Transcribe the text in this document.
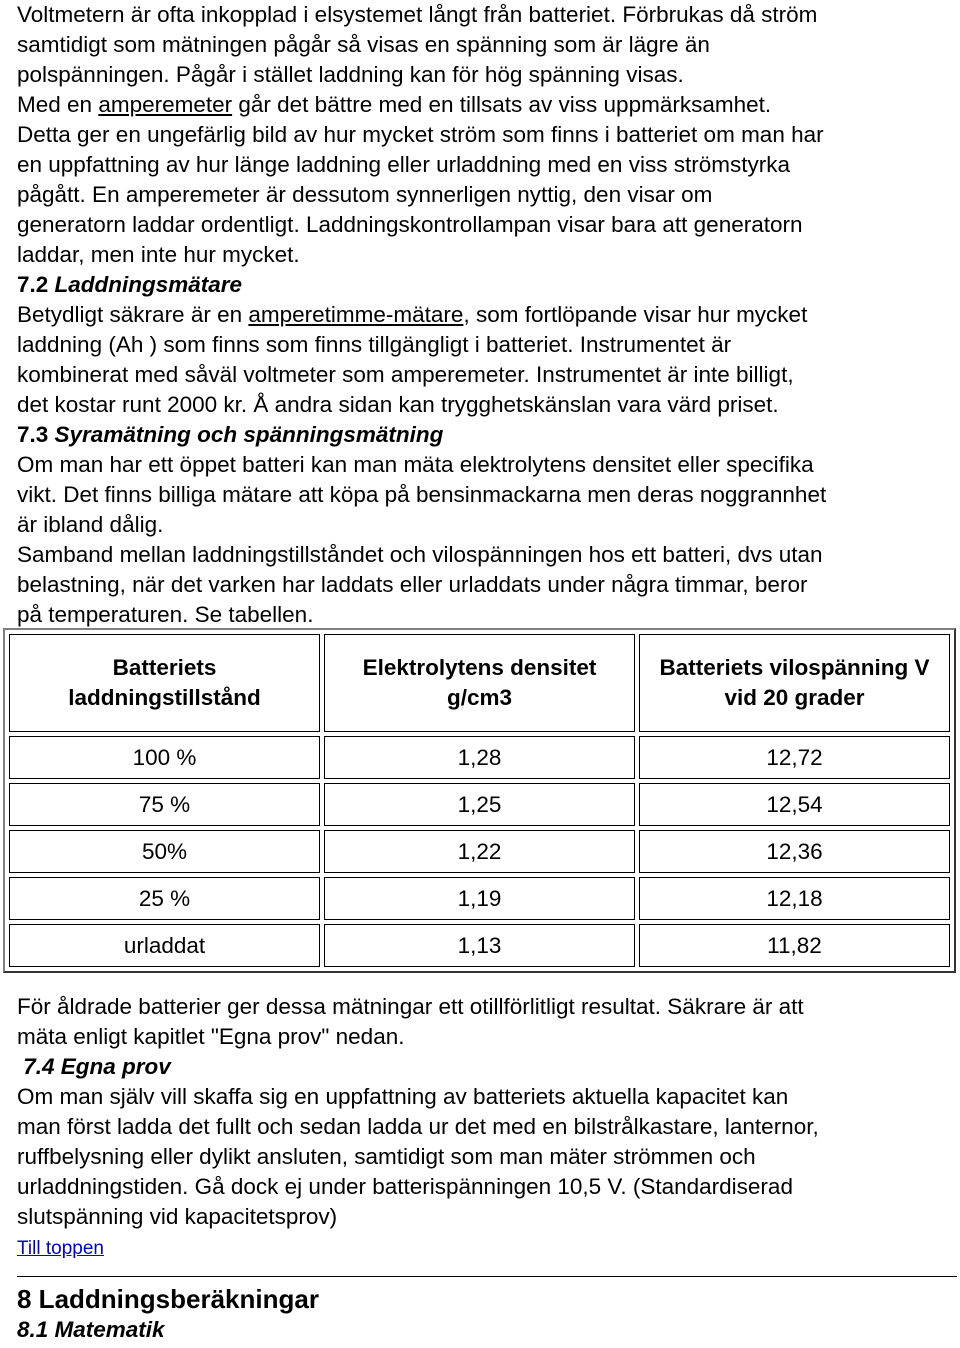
Voltmetern är ofta inkopplad i elsystemet långt från batteriet. Förbrukas då ström

samtidigt som mätningen pågår så visas en spänning som är lägre än

polspänningen. Pågår i stället laddning kan för hög spänning visas.

Med en amperemeter går det bättre med en tillsats av viss uppmärksamhet.

Detta ger en ungefärlig bild av hur mycket ström som finns i batteriet om man har

en uppfattning av hur länge laddning eller urladdning med en viss strömstyrka

pågått. En amperemeter är dessutom synnerligen nyttig, den visar om

generatorn laddar ordentligt. Laddningskontrollampan visar bara att generatorn

laddar, men inte hur mycket.

7.2 Laddningsmätare

Betydligt säkrare är en amperetimme-mätare, som fortlöpande visar hur mycket

laddning (Ah ) som finns som finns tillgängligt i batteriet. Instrumentet är

kombinerat med såväl voltmeter som amperemeter. Instrumentet är inte billigt,

det kostar runt 2000 kr. Å andra sidan kan trygghetskänslan vara värd priset.

7.3 Syramätning och spänningsmätning

Om man har ett öppet batteri kan man mäta elektrolytens densitet eller specifika

vikt. Det finns billiga mätare att köpa på bensinmackarna men deras noggrannhet

är ibland dålig.

Samband mellan laddningstillståndet och vilospänningen hos ett batteri, dvs utan

belastning, när det varken har laddats eller urladdats under några timmar, beror

på temperaturen. Se tabellen.

För åldrade batterier ger dessa mätningar ett otillförlitligt resultat. Säkrare är att

mäta enligt kapitlet "Egna prov" nedan.

7.4 Egna prov

Om man själv vill skaffa sig en uppfattning av batteriets aktuella kapacitet kan

man först ladda det fullt och sedan ladda ur det med en bilstrålkastare, lanternor,

ruffbelysning eller dylikt ansluten, samtidigt som man mäter strömmen och

urladdningstiden. Gå dock ej under batterispänningen 10,5 V. (Standardiserad

slutspänning vid kapacitetsprov)

Till toppen
8 Laddningsberäkningar

8.1 Matematik

Batteriets laddningstillstånd	Elektrolytens densitet g/cm3	Batteriets vilospänning V vid 20 grader
100 %	1,28	12,72
75 %	1,25	12,54
50%	1,22	12,36
25 %	1,19	12,18
urladdat	1,13	11,82
